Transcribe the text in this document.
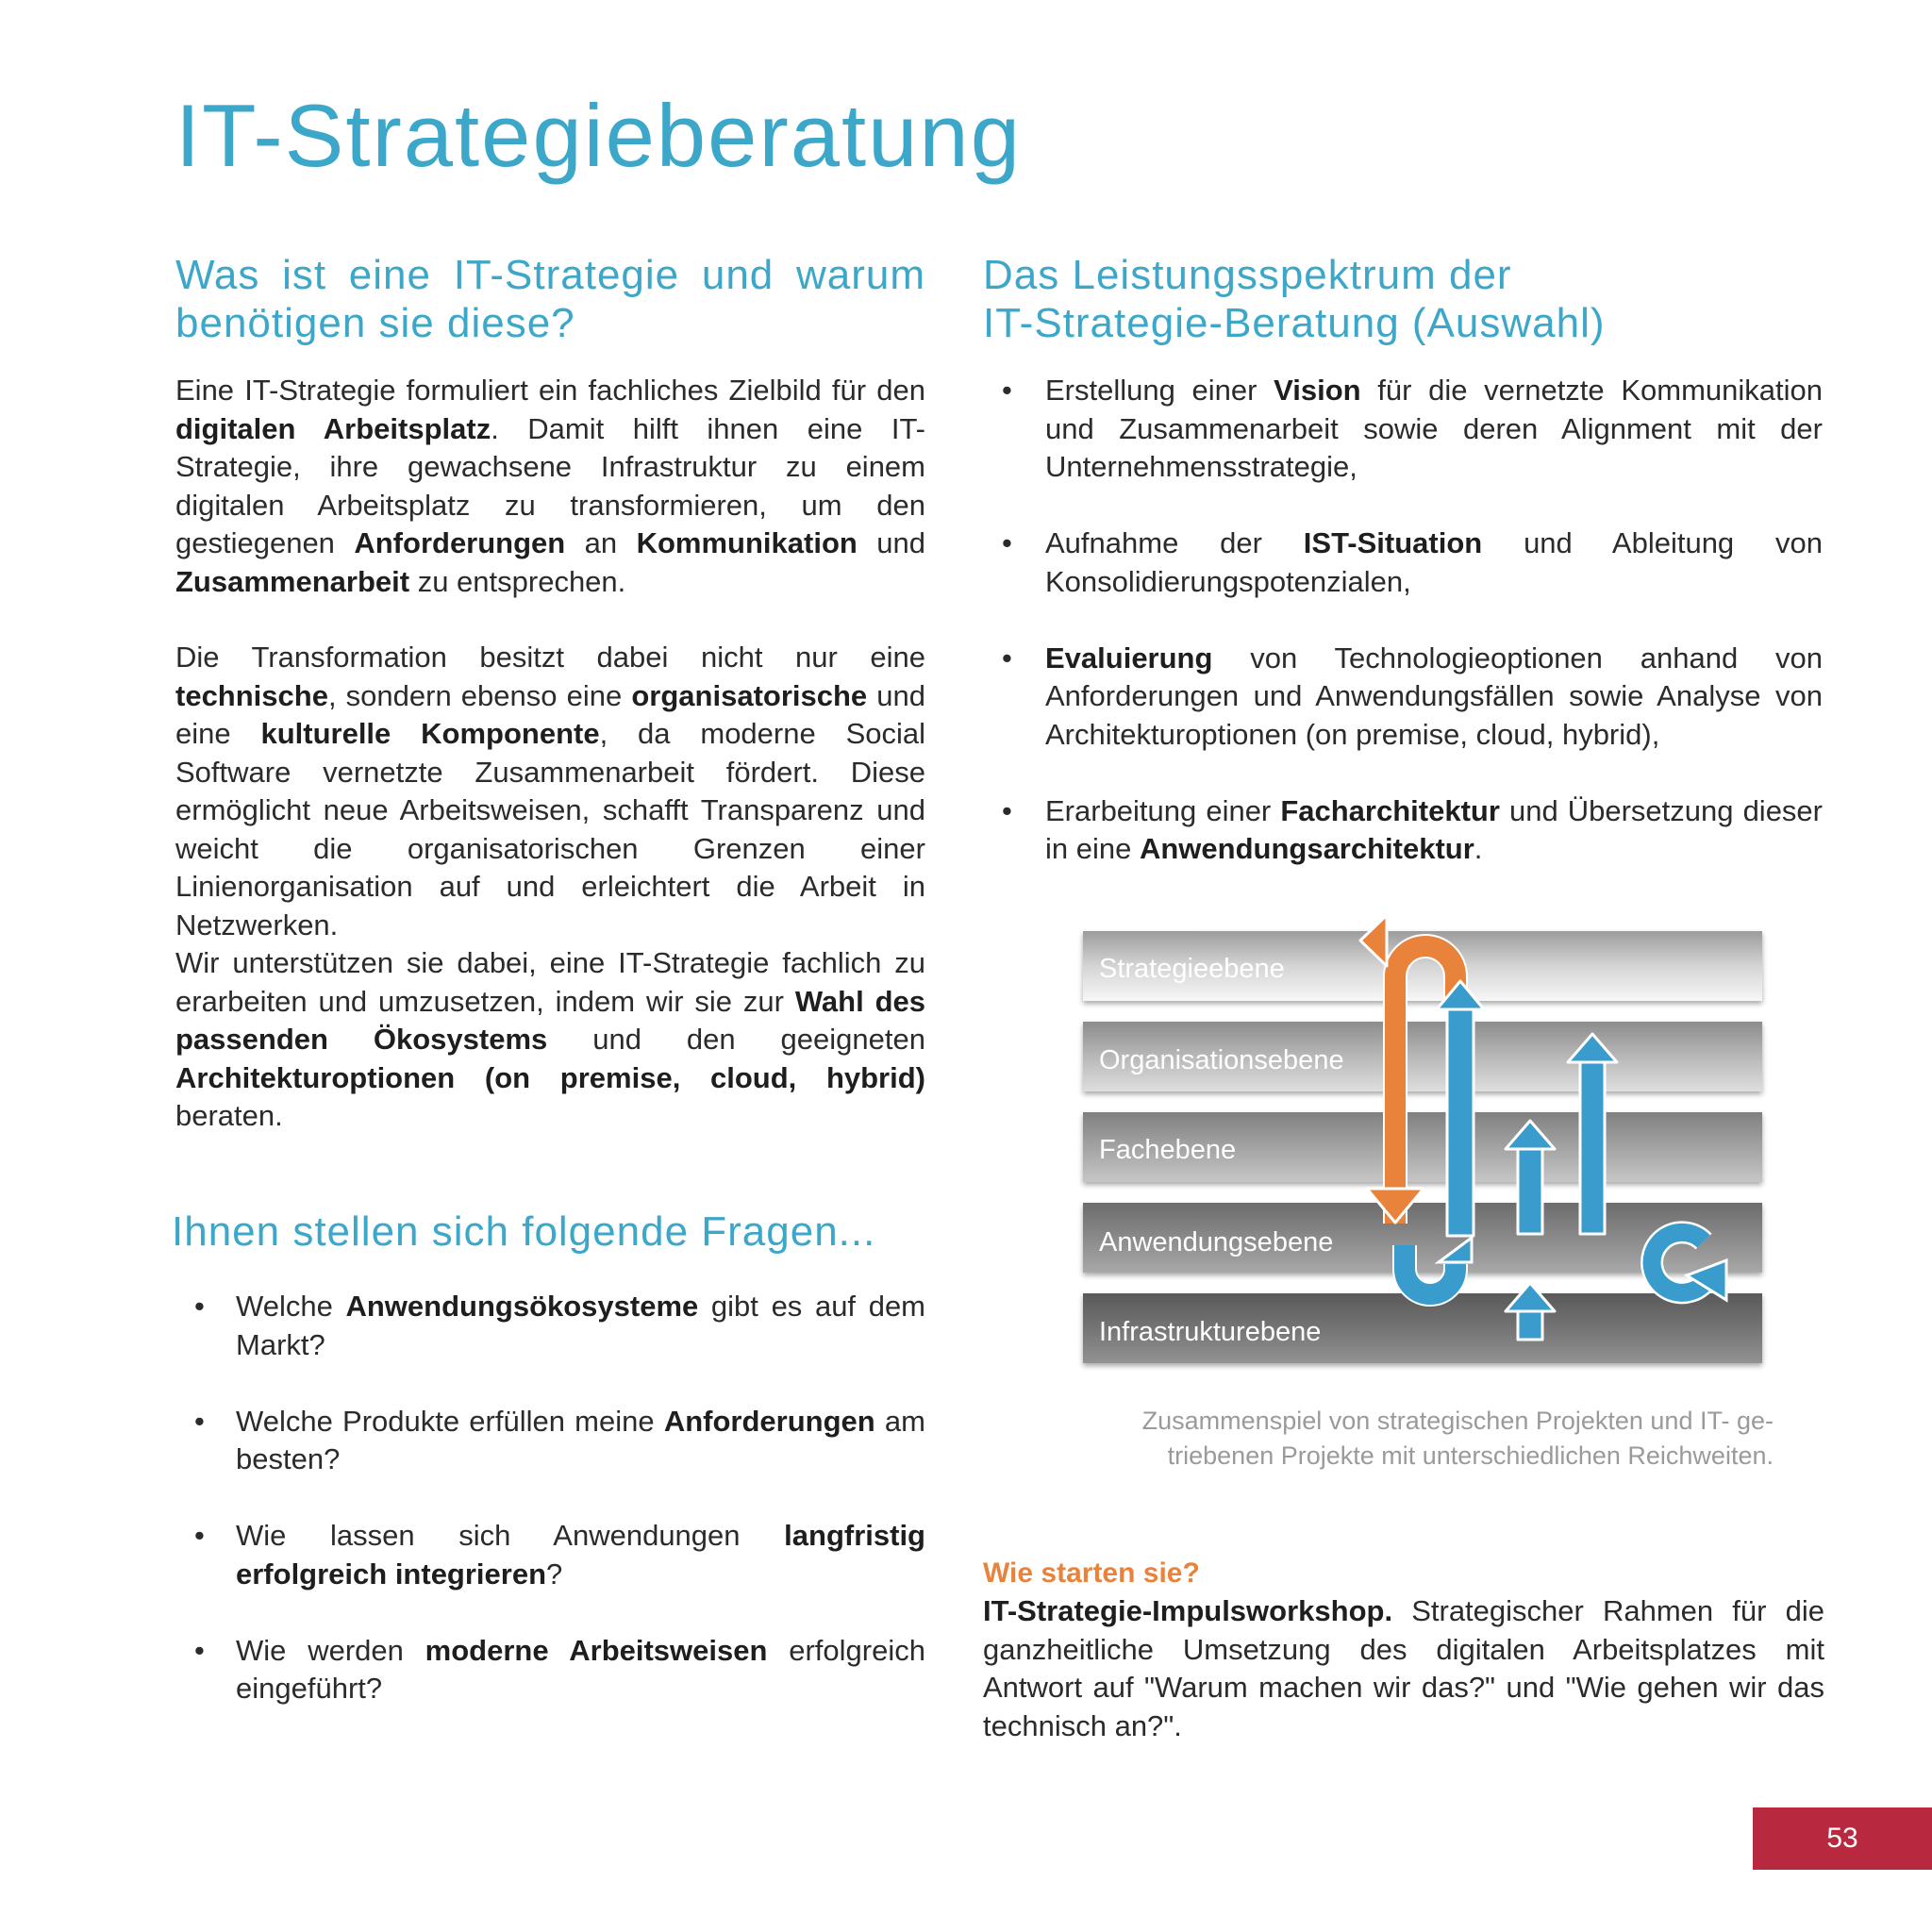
IT-Strategieberatung
Was ist eine IT-Strategie und warum
benötigen sie diese?

Eine IT-Strategie formuliert ein fachliches Zielbild für den digitalen Arbeitsplatz. Damit hilft ihnen eine IT-Strategie, ihre gewachsene Infrastruktur zu einem digitalen Arbeitsplatz zu transformieren, um den gestiegenen Anforderungen an Kommunikation und Zusammenarbeit zu entsprechen.

Die Transformation besitzt dabei nicht nur eine technische, sondern ebenso eine organisatorische und eine kulturelle Komponente, da moderne Social Software vernetzte Zusammenarbeit fördert. Diese ermöglicht neue Arbeitsweisen, schafft Transparenz und weicht die organisatorischen Grenzen einer Linienorganisation auf und erleichtert die Arbeit in Netzwerken.

Wir unterstützen sie dabei, eine IT-Strategie fachlich zu erarbeiten und umzusetzen, indem wir sie zur Wahl des passenden Ökosystems und den geeigneten Architekturoptionen (on premise, cloud, hybrid) beraten.

Ihnen stellen sich folgende Fragen...
• Welche Anwendungsökosysteme gibt es auf dem Markt?
• Welche Produkte erfüllen meine Anforderungen am besten?
• Wie lassen sich Anwendungen langfristig erfolgreich integrieren?
• Wie werden moderne Arbeitsweisen erfolgreich eingeführt?
Das Leistungsspektrum der
IT-Strategie-Beratung (Auswahl)
• Erstellung einer Vision für die vernetzte Kommunikation und Zusammenarbeit sowie deren Alignment mit der Unternehmensstrategie,
• Aufnahme der IST-Situation und Ableitung von Konsolidierungspotenzialen,
• Evaluierung von Technologieoptionen anhand von Anforderungen und Anwendungsfällen sowie Analyse von Architekturoptionen (on premise, cloud, hybrid),
• Erarbeitung einer Facharchitektur und Übersetzung dieser in eine Anwendungsarchitektur.
Strategieebene
Organisationsebene
Fachebene
Anwendungsebene
Infrastrukturebene
Zusammenspiel von strategischen Projekten und IT- ge-
triebenen Projekte mit unterschiedlichen Reichweiten.
Wie starten sie?

IT-Strategie-Impulsworkshop. Strategischer Rahmen für die ganzheitliche Umsetzung des digitalen Arbeitsplatzes mit Antwort auf "Warum machen wir das?" und "Wie gehen wir das technisch an?".

53
